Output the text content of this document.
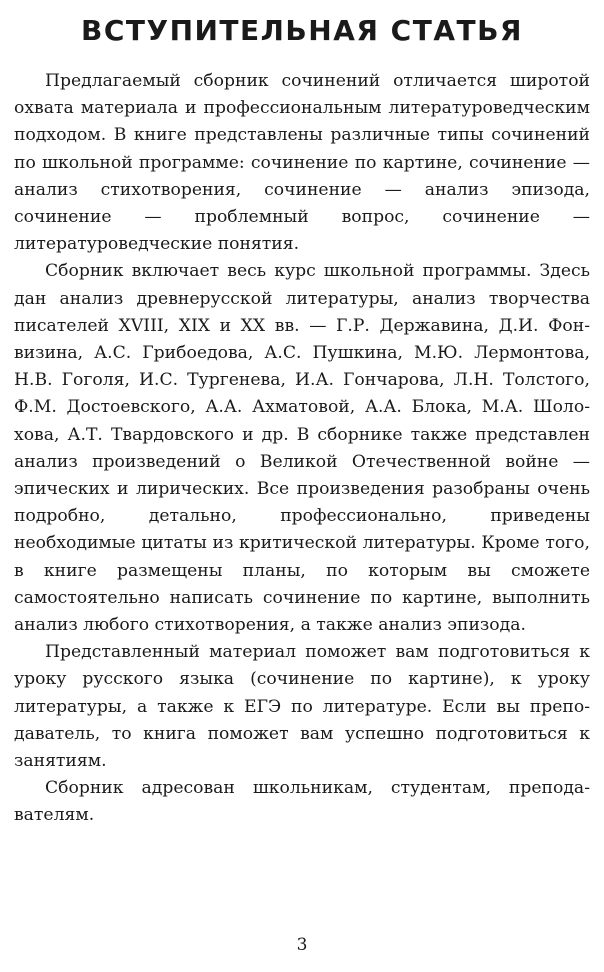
ВСТУПИТЕЛЬНАЯ СТАТЬЯ

Предлагаемый сборник сочинений отличается широтой охвата материала и профессиональным литературоведческим подходом. В книге представлены различные типы сочинений по школьной программе: сочинение по картине, сочинение — анализ стихотворения, сочинение — анализ эпизода, сочинение — проблемный вопрос, сочинение — литературоведческие понятия.

Сборник включает весь курс школьной программы. Здесь дан анализ древнерусской литературы, анализ творчества писателей XVIII, XIX и XX вв. — Г.Р. Державина, Д.И. Фонвизина, А.С. Грибоедова, А.С. Пушкина, М.Ю. Лермонтова, Н.В. Гоголя, И.С. Тургенева, И.А. Гончарова, Л.Н. Толстого, Ф.М. Достоевского, А.А. Ахматовой, А.А. Блока, М.А. Шолохова, А.Т. Твардовского и др. В сборнике также представлен анализ произведений о Великой Отечественной войне — эпических и лирических. Все произведения разобраны очень подробно, детально, профессионально, приведены необходимые цитаты из критической литературы. Кроме того, в книге размещены планы, по которым вы сможете самостоятельно написать сочинение по картине, выполнить анализ любого стихотворения, а также анализ эпизода.

Представленный материал поможет вам подготовиться к уроку русского языка (сочинение по картине), к уроку литературы, а также к ЕГЭ по литературе. Если вы преподаватель, то книга поможет вам успешно подготовиться к занятиям.

Сборник адресован школьникам, студентам, преподавателям.

3
